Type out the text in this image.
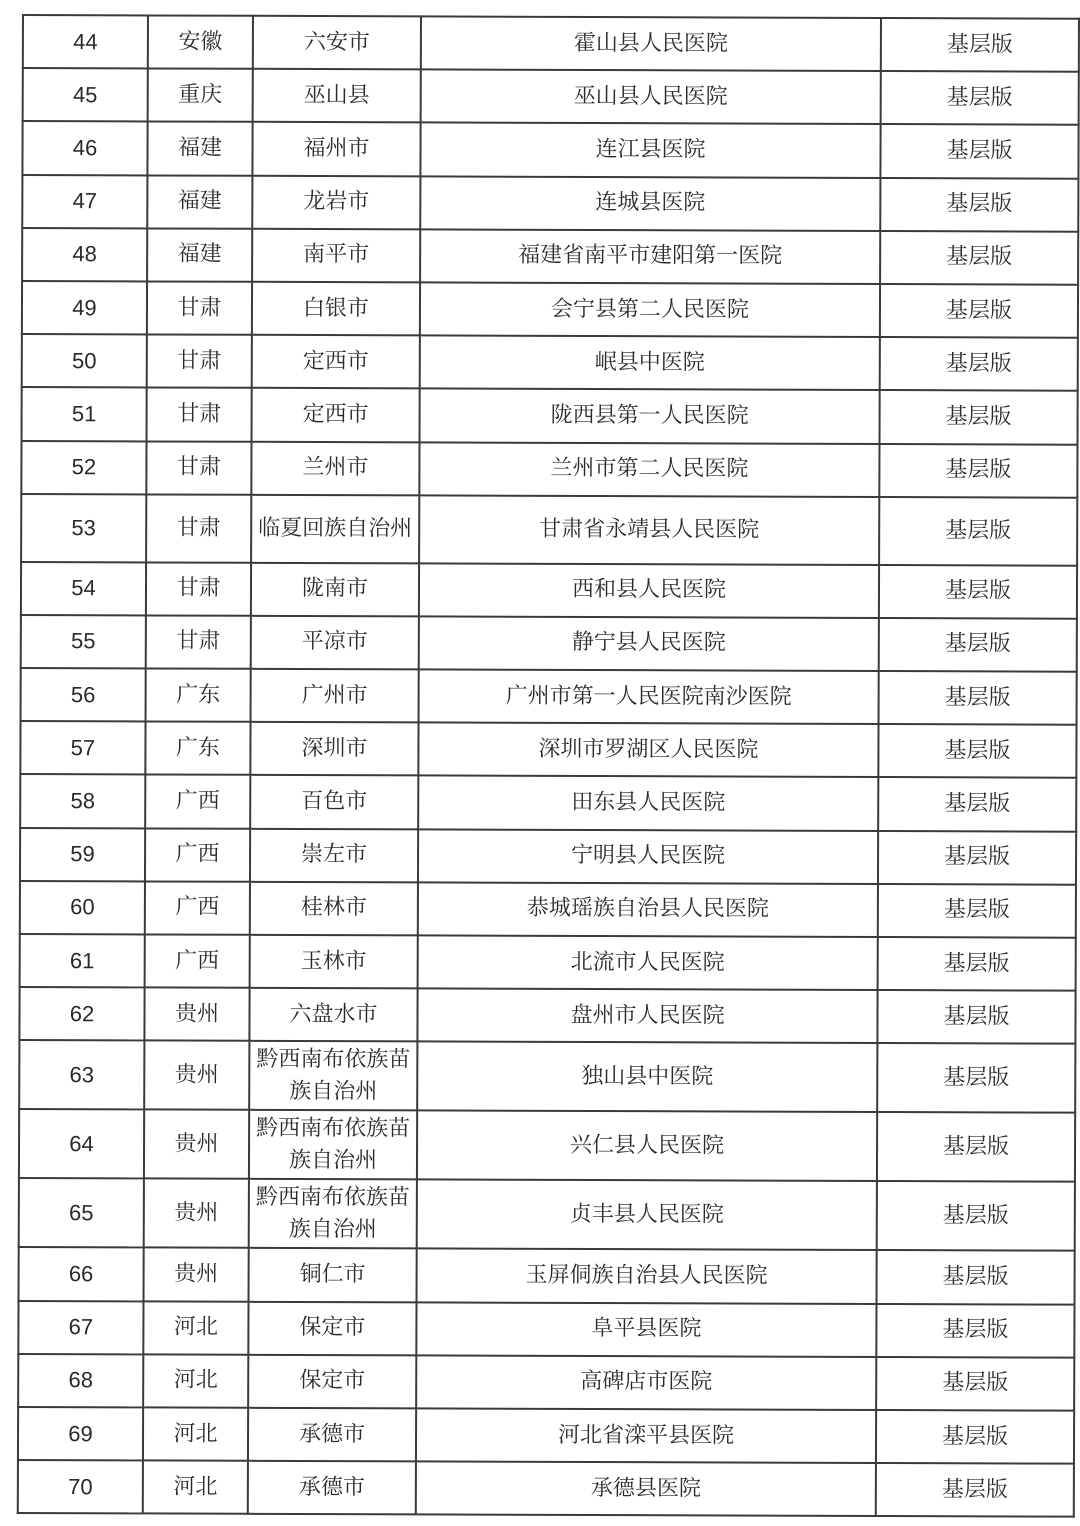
44	安徽	六安市	霍山县人民医院	基层版
45	重庆	巫山县	巫山县人民医院	基层版
46	福建	福州市	连江县医院	基层版
47	福建	龙岩市	连城县医院	基层版
48	福建	南平市	福建省南平市建阳第一医院	基层版
49	甘肃	白银市	会宁县第二人民医院	基层版
50	甘肃	定西市	岷县中医院	基层版
51	甘肃	定西市	陇西县第一人民医院	基层版
52	甘肃	兰州市	兰州市第二人民医院	基层版
53	甘肃	临夏回族自治州	甘肃省永靖县人民医院	基层版
54	甘肃	陇南市	西和县人民医院	基层版
55	甘肃	平凉市	静宁县人民医院	基层版
56	广东	广州市	广州市第一人民医院南沙医院	基层版
57	广东	深圳市	深圳市罗湖区人民医院	基层版
58	广西	百色市	田东县人民医院	基层版
59	广西	崇左市	宁明县人民医院	基层版
60	广西	桂林市	恭城瑶族自治县人民医院	基层版
61	广西	玉林市	北流市人民医院	基层版
62	贵州	六盘水市	盘州市人民医院	基层版
63	贵州	黔西南布依族苗族自治州	独山县中医院	基层版
64	贵州	黔西南布依族苗族自治州	兴仁县人民医院	基层版
65	贵州	黔西南布依族苗族自治州	贞丰县人民医院	基层版
66	贵州	铜仁市	玉屏侗族自治县人民医院	基层版
67	河北	保定市	阜平县医院	基层版
68	河北	保定市	高碑店市医院	基层版
69	河北	承德市	河北省滦平县医院	基层版
70	河北	承德市	承德县医院	基层版
